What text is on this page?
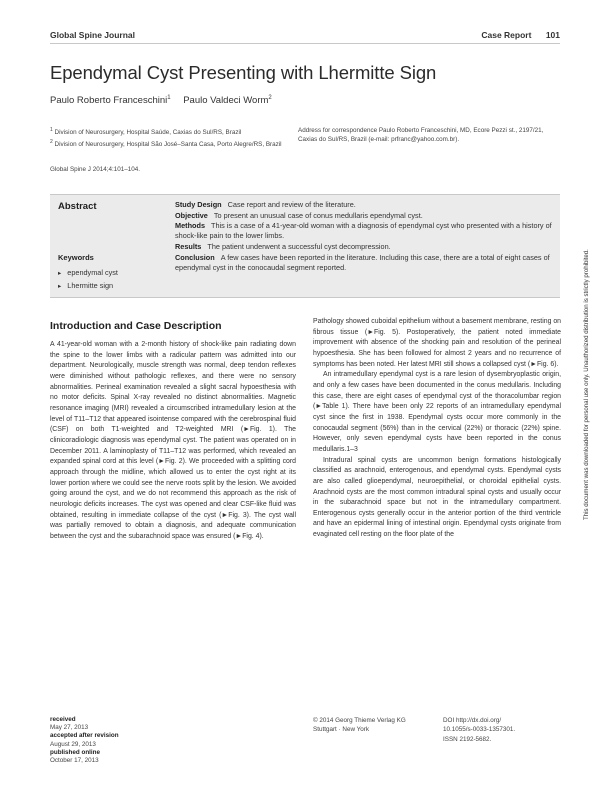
Global Spine Journal	Case Report 101
Ependymal Cyst Presenting with Lhermitte Sign
Paulo Roberto Franceschini$^1$ Paulo Valdeci Worm$^2$

$^1$ Division of Neurosurgery, Hospital Saúde, Caxias do Sul/RS, Brazil

$^2$ Division of Neurosurgery, Hospital São José–Santa Casa, Porto Alegre/RS, Brazil

Address for correspondence Paulo Roberto Franceschini, MD, Ecore Pezzi st., 2197/21, Caxias do Sul/RS, Brazil (e-mail: prfranc@yahoo.com.br).
Global Spine J 2014;4:101–104.
Abstract
Keywords
▸ ependymal cyst
▸ Lhermitte sign

Study Design Case report and review of the literature.

Objective To present an unusual case of conus medullaris ependymal cyst.

Methods This is a case of a 41-year-old woman with a diagnosis of ependymal cyst who presented with a history of shock-like pain to the lower limbs.

Results The patient underwent a successful cyst decompression.

Conclusion A few cases have been reported in the literature. Including this case, there are a total of eight cases of ependymal cyst in the conocaudal segment reported.	This document was downloaded for personal use only. Unauthorized distribution is strictly prohibited.
Introduction and Case Description

A 41-year-old woman with a 2-month history of shock-like pain radiating down the spine to the lower limbs with a radicular pattern was admitted into our department. Neurologically, muscle strength was normal, deep tendon reflexes were diminished without pathologic reflexes, and there were no sensory abnormalities. Perineal examination revealed a slight sacral hypoesthesia with no motor deficits. Spinal X-ray revealed no distinct abnormalities. Magnetic resonance imaging (MRI) revealed a circumscribed intramedullary lesion at the level of T11–T12 that appeared isointense compared with the cerebrospinal fluid (CSF) on both T1-weighted and T2-weighted MRI (►Fig. 1). The clinicoradiologic diagnosis was ependymal cyst. The patient was operated on in December 2011. A laminoplasty of T11–T12 was performed, which revealed an expanded spinal cord at this level (►Fig. 2). We proceeded with a splitting cord approach through the midline, which allowed us to enter the cyst right at its lower portion where we could see the nerve roots split by the lesion. We avoided going around the cyst, and we do not recommend this approach as the risk of neurologic deficits increases. The cyst was opened and clear CSF-like fluid was obtained, resulting in immediate collapse of the cyst (►Fig. 3). The cyst wall was partially removed to obtain a diagnosis, and adequate communication between the cyst and the subarachnoid space was ensured (►Fig. 4).

Pathology showed cuboidal epithelium without a basement membrane, resting on fibrous tissue (►Fig. 5). Postoperatively, the patient noted immediate improvement with absence of the shocking pain and resolution of the perineal hypoesthesia. She has been followed for almost 2 years and no recurrence of symptoms has been noted. Her latest MRI still shows a collapsed cyst (►Fig. 6).

An intramedullary ependymal cyst is a rare lesion of dysembryoplastic origin, and only a few cases have been documented in the conus medullaris. Including this case, there are eight cases of ependymal cyst of the thoracolumbar region (►Table 1). There have been only 22 reports of an intramedullary ependymal cyst since the first in 1938. Ependymal cysts occur more commonly in the conocaudal segment (56%) than in the cervical (22%) or thoracic (22%) spine. However, only seven ependymal cysts have been reported in the conus medullaris.1–3

Intradural spinal cysts are uncommon benign formations histologically classified as arachnoid, enterogenous, and ependymal cysts. Ependymal cysts are also called glioependymal, neuroepithelial, or choroidal epithelial cysts. Arachnoid cysts are the most common intradural spinal cysts and usually occur in the subarachnoid space but not in the intramedullary compartment. Enterogenous cysts generally occur in the anterior portion of the third ventricle and have an epidermal lining of intestinal origin. Ependymal cysts originate from evaginated cell resting on the floor plate of the

received
May 27, 2013
accepted after revision
August 29, 2013
published online
October 17, 2013
© 2014 Georg Thieme Verlag KG
Stuttgart · New York
DOI http://dx.doi.org/
10.1055/s-0033-1357301.
ISSN 2192-5682.
